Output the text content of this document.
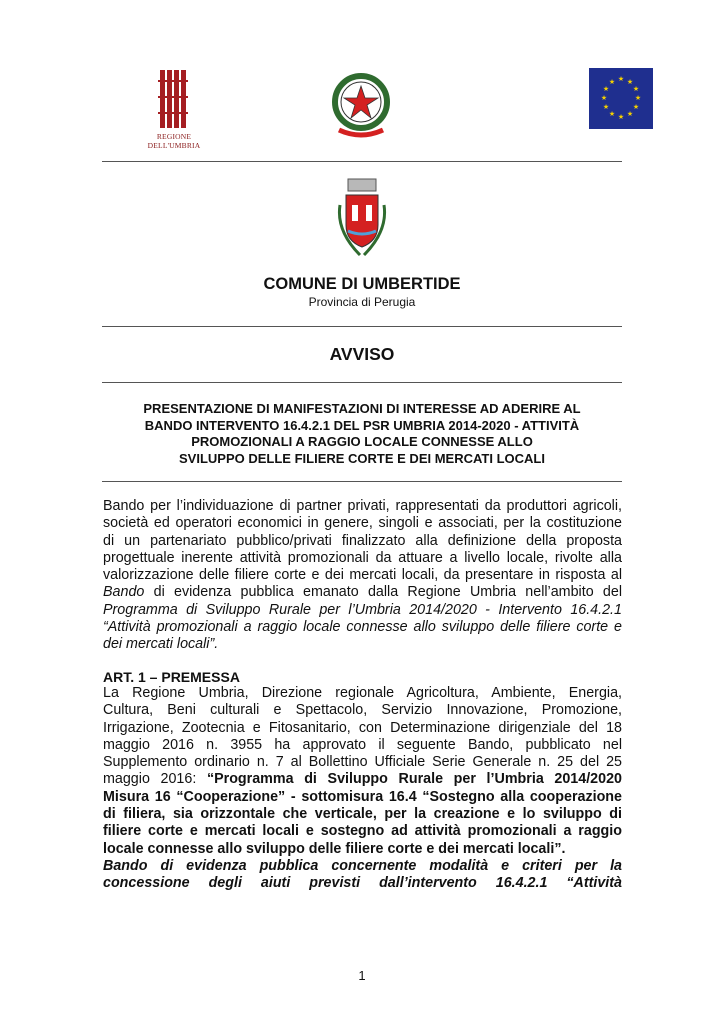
REGIONE DELL'UMBRIA
★ ★
★
★
★
★
★
★
★
★
★
★
COMUNE DI UMBERTIDE
Provincia di Perugia
AVVISO
PRESENTAZIONE DI MANIFESTAZIONI DI INTERESSE AD ADERIRE AL
BANDO INTERVENTO 16.4.2.1 DEL PSR UMBRIA 2014-2020 - ATTIVITÀ
PROMOZIONALI A RAGGIO LOCALE CONNESSE ALLO
SVILUPPO DELLE FILIERE CORTE E DEI MERCATI LOCALI
Bando per l’individuazione di partner privati, rappresentati da produttori agricoli,
società ed operatori economici in genere, singoli e associati, per la costituzione
di un partenariato pubblico/privati finalizzato alla definizione della proposta
progettuale inerente attività promozionali da attuare a livello locale, rivolte alla
valorizzazione delle filiere corte e dei mercati locali, da presentare in risposta al
Bando di evidenza pubblica emanato dalla Regione Umbria nell’ambito del
Programma di Sviluppo Rurale per l’Umbria 2014/2020 - Intervento 16.4.2.1
“Attività promozionali a raggio locale connesse allo sviluppo delle filiere corte e
dei mercati locali”.
ART. 1 – PREMESSA
La Regione Umbria, Direzione regionale Agricoltura, Ambiente, Energia,
Cultura, Beni culturali e Spettacolo, Servizio Innovazione, Promozione,
Irrigazione, Zootecnia e Fitosanitario, con Determinazione dirigenziale del 18
maggio 2016 n. 3955 ha approvato il seguente Bando, pubblicato nel
Supplemento ordinario n. 7 al Bollettino Ufficiale Serie Generale n. 25 del 25
maggio 2016: “Programma di Sviluppo Rurale per l’Umbria 2014/2020
Misura 16 “Cooperazione” - sottomisura 16.4 “Sostegno alla cooperazione
di filiera, sia orizzontale che verticale, per la creazione e lo sviluppo di
filiere corte e mercati locali e sostegno ad attività promozionali a raggio
locale connesse allo sviluppo delle filiere corte e dei mercati locali”.
Bando di evidenza pubblica concernente modalità e criteri per la
concessione degli aiuti previsti dall’intervento 16.4.2.1 “Attività
1
